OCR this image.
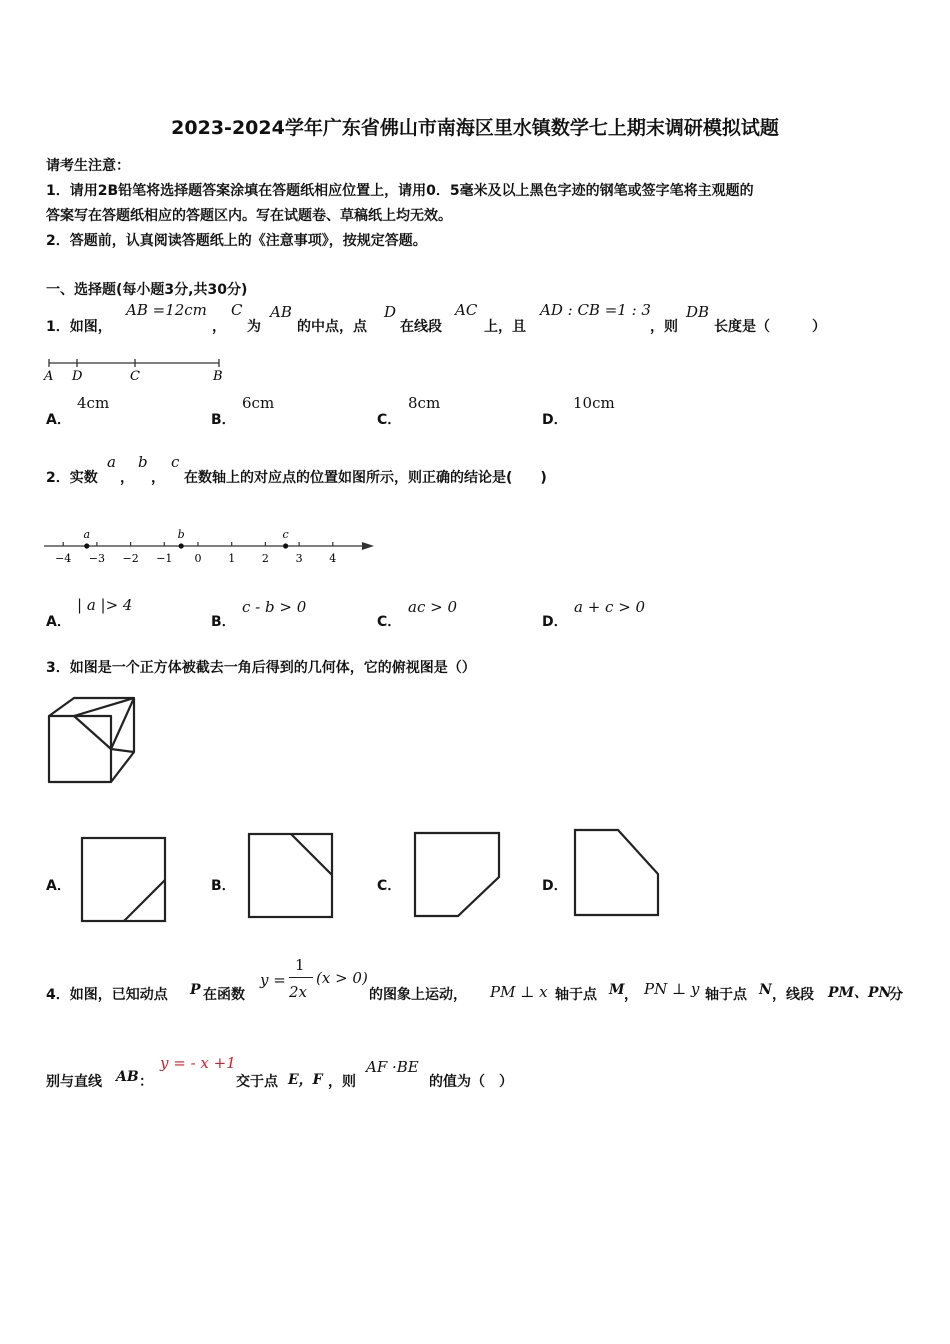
2023-2024学年广东省佛山市南海区里水镇数学七上期末调研模拟试题
请考生注意：
1．请用2B铅笔将选择题答案涂填在答题纸相应位置上，请用0．5毫米及以上黑色字迹的钢笔或签字笔将主观题的
答案写在答题纸相应的答题区内。写在试题卷、草稿纸上均无效。
2．答题前，认真阅读答题纸上的《注意事项》，按规定答题。
一、选择题(每小题3分,共30分)
1．如图，
AB =12cm
，
C
为
AB
的中点，点
D
在线段
AC
上，且
AD : CB =1 : 3
，则
DB
长度是（　　　）
A D	C	B
A．
4cm
B．
6cm
C．
8cm
D．
10cm
2．实数
a
，
b
，
c
在数轴上的对应点的位置如图所示，则正确的结论是(　　)
−4 −3 −2 −1 0 1 2 3 4
a	b	c
A．
| a |> 4
B．
c - b > 0
C．
ac > 0
D．
a + c > 0
3．如图是一个正方体被截去一角后得到的几何体，它的俯视图是（）
A．	B．	C．	D．
4．如图，已知动点 P 在函数
y =
1
2x
(x > 0)
的图象上运动， PM ⊥ x 轴于点 M ， PN ⊥ y 轴于点 N ，线段 PM、PN
分
别与直线 AB ：
y = - x +1
交于点 E，F ，则
AF ·BE
的值为（　）
